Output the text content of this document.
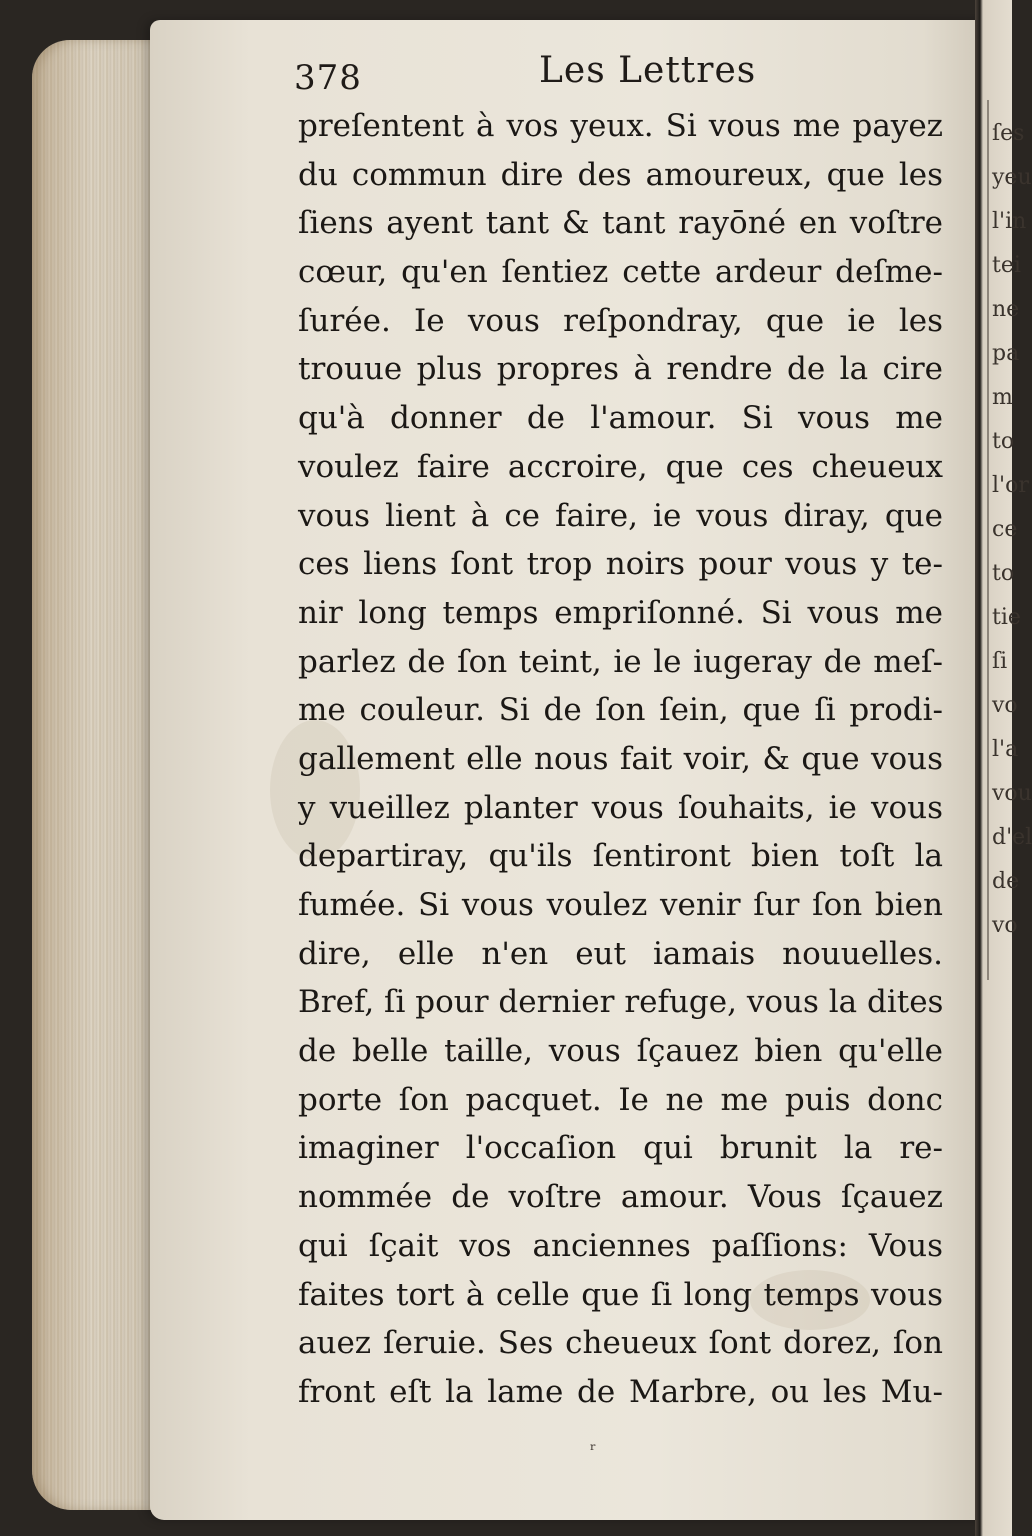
ſes
yeu
l'in
tei
ne
pa
m
to
l'or
ce
to
tie
ſi
vo
l'a
vou
d'el
de
vo
378	Les Lettres
preſentent à vos yeux. Si vous me payez
du commun dire des amoureux, que les
ſiens ayent tant & tant rayōné en voſtre
cœur, qu'en ſentiez cette ardeur deſme-
ſurée. Ie vous reſpondray, que ie les
trouue plus propres à rendre de la cire
qu'à donner de l'amour. Si vous me
voulez faire accroire, que ces cheueux
vous lient à ce faire, ie vous diray, que
ces liens ſont trop noirs pour vous y te-
nir long temps empriſonné. Si vous me
parlez de ſon teint, ie le iugeray de meſ-
me couleur. Si de ſon ſein, que ſi prodi-
gallement elle nous fait voir, & que vous
y vueillez planter vous ſouhaits, ie vous
departiray, qu'ils ſentiront bien toſt la
fumée. Si vous voulez venir ſur ſon bien
dire, elle n'en eut iamais nouuelles.
Bref, ſi pour dernier refuge, vous la dites
de belle taille, vous ſçauez bien qu'elle
porte ſon pacquet. Ie ne me puis donc
imaginer l'occaſion qui brunit la re-
nommée de voſtre amour. Vous ſçauez
qui ſçait vos anciennes paſſions: Vous
faites tort à celle que ſi long temps vous
auez ſeruie. Ses cheueux ſont dorez, ſon
front eſt la lame de Marbre, ou les Mu-
ʳ
